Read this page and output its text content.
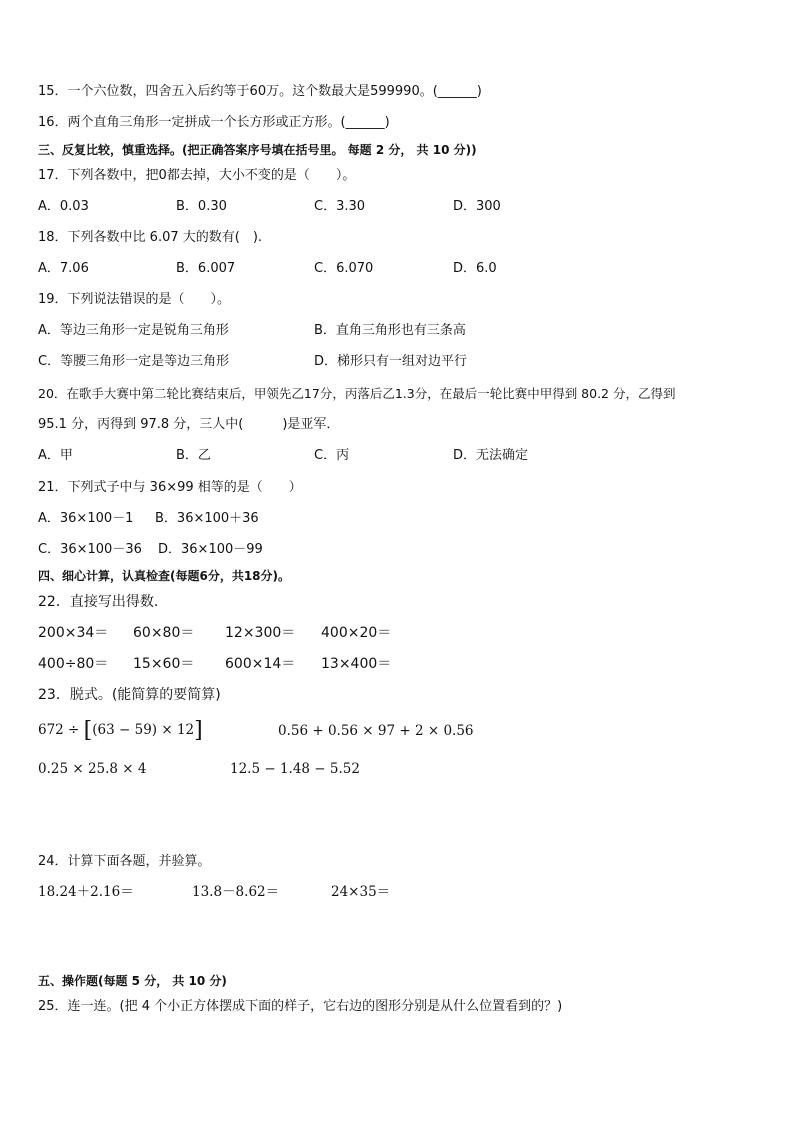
15．一个六位数，四舍五入后约等于60万。这个数最大是599990。(______)
16．两个直角三角形一定拼成一个长方形或正方形。(______)
三、反复比较，慎重选择。(把正确答案序号填在括号里。 每题 2 分， 共 10 分))
17．下列各数中，把0都去掉，大小不变的是（　　）。
A．0.03	B．0.30	C．3.30	D．300
18．下列各数中比 6.07 大的数有(　).
A．7.06	B．6.007	C．6.070	D．6.0
19．下列说法错误的是（　　）。
A．等边三角形一定是锐角三角形	B．直角三角形也有三条高
C．等腰三角形一定是等边三角形	D．梯形只有一组对边平行
20．在歌手大赛中第二轮比赛结束后，甲领先乙17分，丙落后乙1.3分，在最后一轮比赛中甲得到 80.2 分，乙得到
95.1 分，丙得到 97.8 分，三人中(　　　)是亚军．
A．甲	B．乙	C．丙	D．无法确定
21．下列式子中与 36×99 相等的是（　　）
A．36×100－1 B．36×100＋36
C．36×100－36 D．36×100－99
四、细心计算，认真检查(每题6分，共18分)。
22．直接写出得数.
200×34＝ 60×80＝ 12×300＝ 400×20＝
400÷80＝ 15×60＝ 600×14＝ 13×400＝
23．脱式。(能简算的要简算)
672 ÷ [(63 − 59) × 12]	0.56 + 0.56 × 97 + 2 × 0.56
0.25 × 25.8 × 4	12.5 − 1.48 − 5.52
24．计算下面各题，并验算。
18.24＋2.16＝	13.8－8.62＝	24×35＝
五、操作题(每题 5 分， 共 10 分)
25．连一连。(把 4 个小正方体摆成下面的样子，它右边的图形分别是从什么位置看到的？)
